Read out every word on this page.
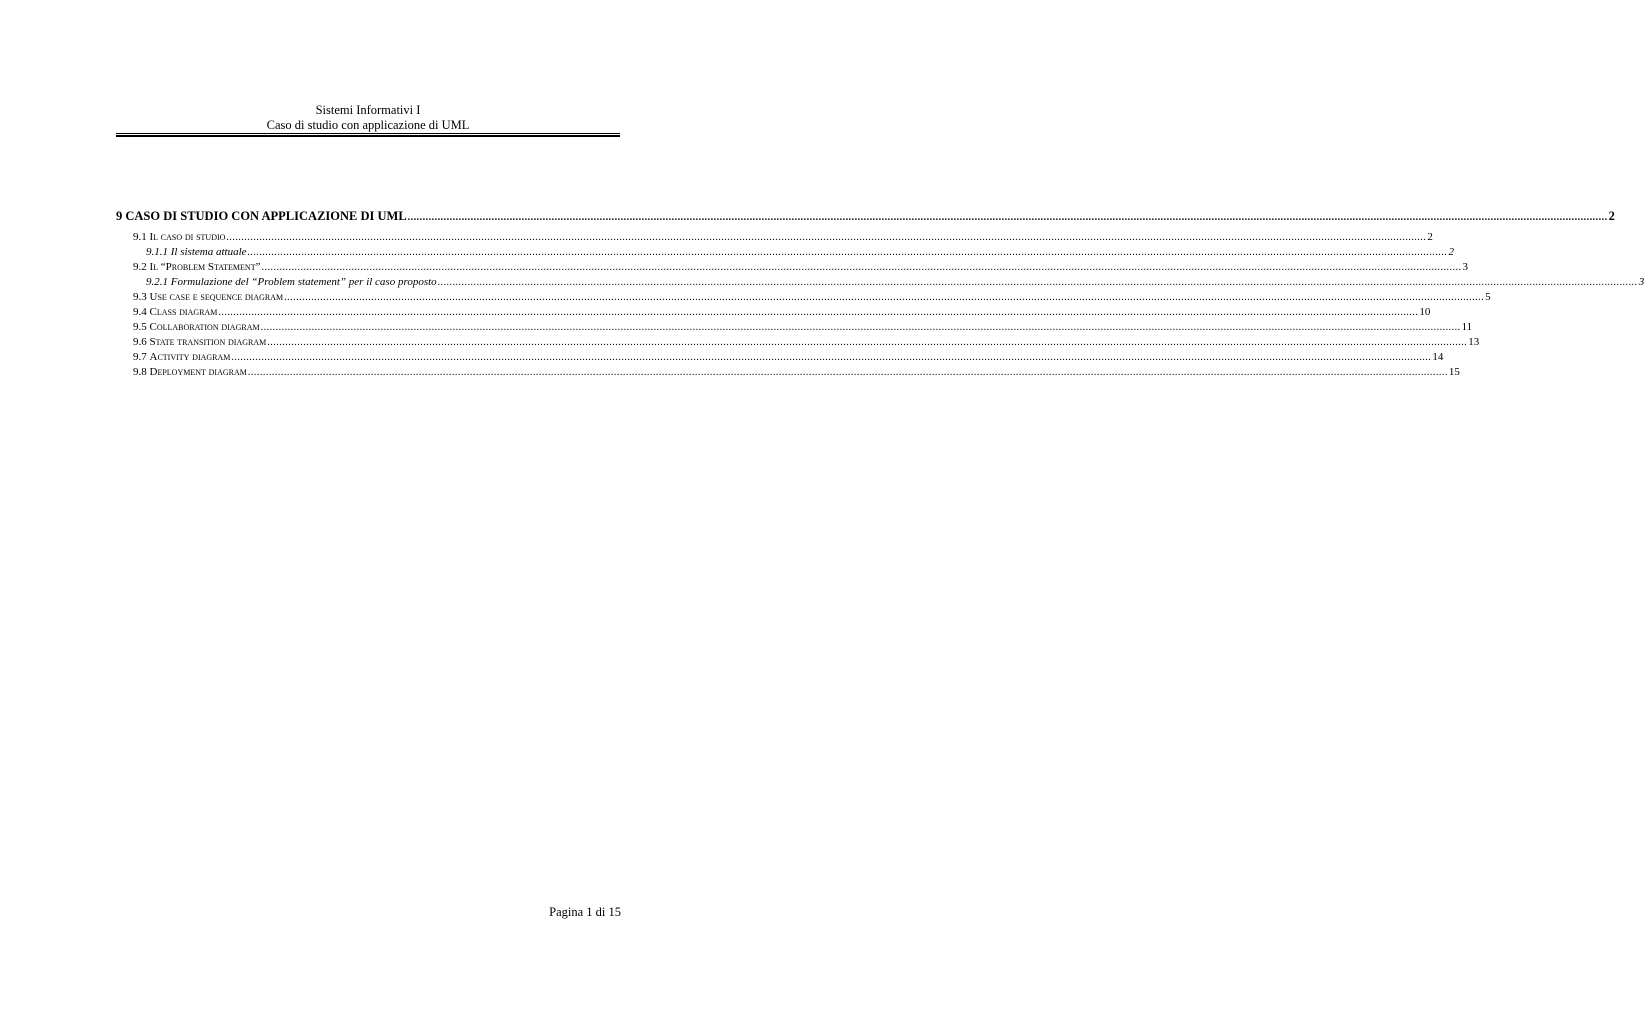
Sistemi Informativi I
Caso di studio con applicazione di UML
9 CASO DI STUDIO CON APPLICAZIONE DI UML ................................................................................................................................................................................................................................................................................................................................................................................................................ 2
9.1 Il caso di studio ................................................................................................................................................................................................................................................................................................................................................................................................................ 2
9.1.1 Il sistema attuale ................................................................................................................................................................................................................................................................................................................................................................................................................ 2
9.2 Il “Problem Statement” ................................................................................................................................................................................................................................................................................................................................................................................................................ 3
9.2.1 Formulazione del “Problem statement” per il caso proposto ................................................................................................................................................................................................................................................................................................................................................................................................................ 3
9.3 Use case e sequence diagram ................................................................................................................................................................................................................................................................................................................................................................................................................ 5
9.4 Class diagram ................................................................................................................................................................................................................................................................................................................................................................................................................ 10
9.5 Collaboration diagram ................................................................................................................................................................................................................................................................................................................................................................................................................ 11
9.6 State transition diagram ................................................................................................................................................................................................................................................................................................................................................................................................................ 13
9.7 Activity diagram ................................................................................................................................................................................................................................................................................................................................................................................................................ 14
9.8 Deployment diagram ................................................................................................................................................................................................................................................................................................................................................................................................................ 15
Pagina 1 di 15
